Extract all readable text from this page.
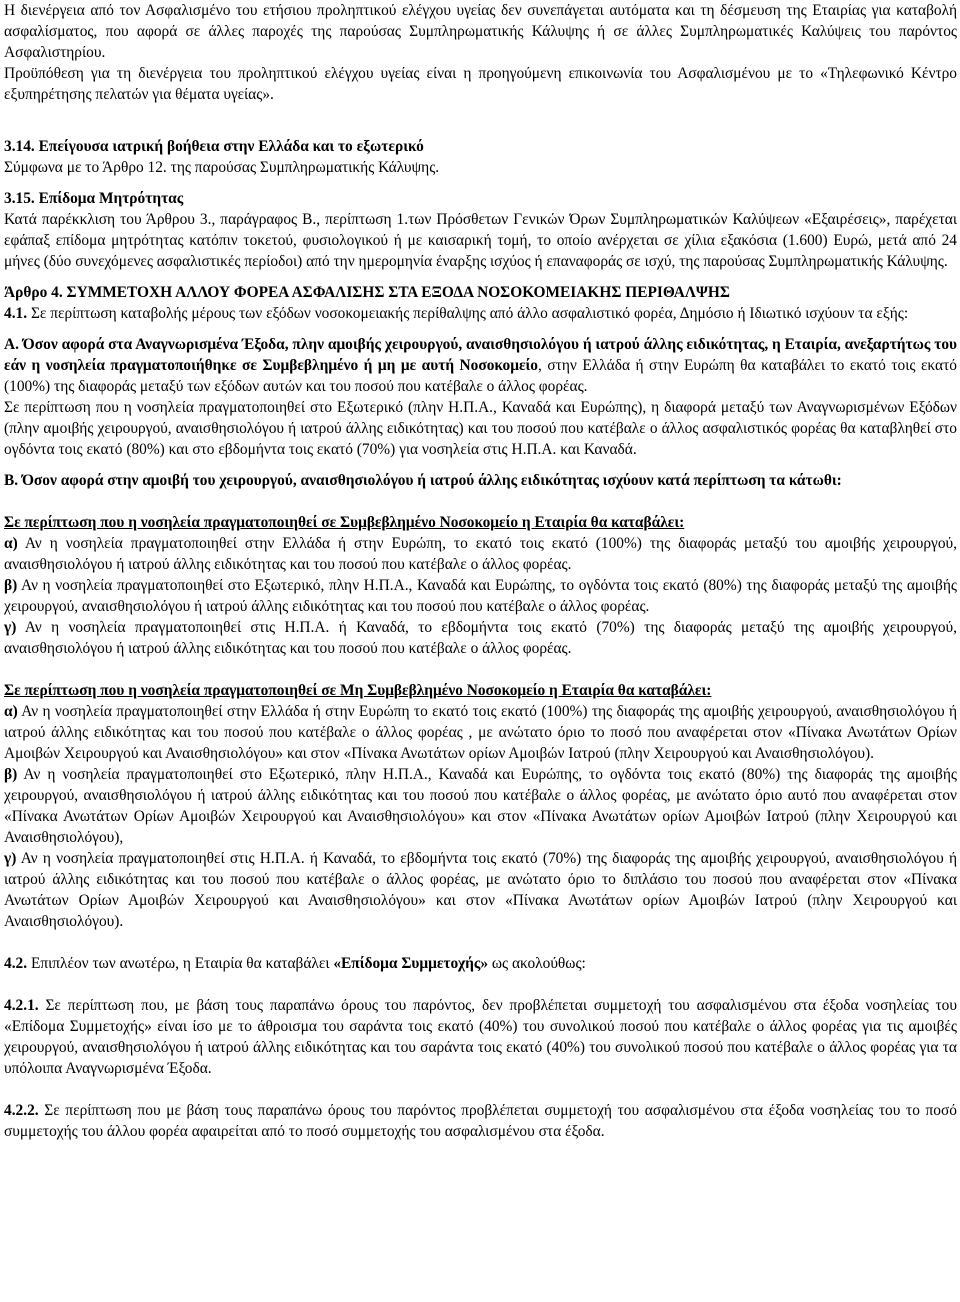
Η διενέργεια από τον Ασφαλισμένο του ετήσιου προληπτικού ελέγχου υγείας δεν συνεπάγεται αυτόματα και τη δέσμευση της Εταιρίας για καταβολή ασφαλίσματος, που αφορά σε άλλες παροχές της παρούσας Συμπληρωματικής Κάλυψης ή σε άλλες Συμπληρωματικές Καλύψεις του παρόντος Ασφαλιστηρίου.

Προϋπόθεση για τη διενέργεια του προληπτικού ελέγχου υγείας είναι η προηγούμενη επικοινωνία του Ασφαλισμένου με το «Τηλεφωνικό Κέντρο εξυπηρέτησης πελατών για θέματα υγείας».

3.14. Επείγουσα ιατρική βοήθεια στην Ελλάδα και το εξωτερικό

Σύμφωνα με το Άρθρο 12. της παρούσας Συμπληρωματικής Κάλυψης.

3.15. Επίδομα Μητρότητας

Κατά παρέκκλιση του Άρθρου 3., παράγραφος Β., περίπτωση 1.των Πρόσθετων Γενικών Όρων Συμπληρωματικών Καλύψεων «Εξαιρέσεις», παρέχεται εφάπαξ επίδομα μητρότητας κατόπιν τοκετού, φυσιολογικού ή με καισαρική τομή, το οποίο ανέρχεται σε χίλια εξακόσια (1.600) Ευρώ, μετά από 24 μήνες (δύο συνεχόμενες ασφαλιστικές περίοδοι) από την ημερομηνία έναρξης ισχύος ή επαναφοράς σε ισχύ, της παρούσας Συμπληρωματικής Κάλυψης.

Άρθρο 4. ΣΥΜΜΕΤΟΧΗ ΑΛΛΟΥ ΦΟΡΕΑ ΑΣΦΑΛΙΣΗΣ ΣΤΑ ΕΞΟΔΑ ΝΟΣΟΚΟΜΕΙΑΚΗΣ ΠΕΡΙΘΑΛΨΗΣ

4.1. Σε περίπτωση καταβολής μέρους των εξόδων νοσοκομειακής περίθαλψης από άλλο ασφαλιστικό φορέα, Δημόσιο ή Ιδιωτικό ισχύουν τα εξής:

Α. Όσον αφορά στα Αναγνωρισμένα Έξοδα, πλην αμοιβής χειρουργού, αναισθησιολόγου ή ιατρού άλλης ειδικότητας, η Εταιρία, ανεξαρτήτως του εάν η νοσηλεία πραγματοποιήθηκε σε Συμβεβλημένο ή μη με αυτή Νοσοκομείο, στην Ελλάδα ή στην Ευρώπη θα καταβάλει το εκατό τοις εκατό (100%) της διαφοράς μεταξύ των εξόδων αυτών και του ποσού που κατέβαλε ο άλλος φορέας.

Σε περίπτωση που η νοσηλεία πραγματοποιηθεί στο Εξωτερικό (πλην Η.Π.Α., Καναδά και Ευρώπης), η διαφορά μεταξύ των Αναγνωρισμένων Εξόδων (πλην αμοιβής χειρουργού, αναισθησιολόγου ή ιατρού άλλης ειδικότητας) και του ποσού που κατέβαλε ο άλλος ασφαλιστικός φορέας θα καταβληθεί στο ογδόντα τοις εκατό (80%) και στο εβδομήντα τοις εκατό (70%) για νοσηλεία στις Η.Π.Α. και Καναδά.

Β. Όσον αφορά στην αμοιβή του χειρουργού, αναισθησιολόγου ή ιατρού άλλης ειδικότητας ισχύουν κατά περίπτωση τα κάτωθι:

Σε περίπτωση που η νοσηλεία πραγματοποιηθεί σε Συμβεβλημένο Νοσοκομείο η Εταιρία θα καταβάλει:

α) Αν η νοσηλεία πραγματοποιηθεί στην Ελλάδα ή στην Ευρώπη, το εκατό τοις εκατό (100%) της διαφοράς μεταξύ του αμοιβής χειρουργού, αναισθησιολόγου ή ιατρού άλλης ειδικότητας και του ποσού που κατέβαλε ο άλλος φορέας.

β) Αν η νοσηλεία πραγματοποιηθεί στο Εξωτερικό, πλην Η.Π.Α., Καναδά και Ευρώπης, το ογδόντα τοις εκατό (80%) της διαφοράς μεταξύ της αμοιβής χειρουργού, αναισθησιολόγου ή ιατρού άλλης ειδικότητας και του ποσού που κατέβαλε ο άλλος φορέας.

γ) Αν η νοσηλεία πραγματοποιηθεί στις Η.Π.Α. ή Καναδά, το εβδομήντα τοις εκατό (70%) της διαφοράς μεταξύ της αμοιβής χειρουργού, αναισθησιολόγου ή ιατρού άλλης ειδικότητας και του ποσού που κατέβαλε ο άλλος φορέας.

Σε περίπτωση που η νοσηλεία πραγματοποιηθεί σε Μη Συμβεβλημένο Νοσοκομείο η Εταιρία θα καταβάλει:

α) Αν η νοσηλεία πραγματοποιηθεί στην Ελλάδα ή στην Ευρώπη το εκατό τοις εκατό (100%) της διαφοράς της αμοιβής χειρουργού, αναισθησιολόγου ή ιατρού άλλης ειδικότητας και του ποσού που κατέβαλε ο άλλος φορέας , με ανώτατο όριο το ποσό που αναφέρεται στον «Πίνακα Ανωτάτων Ορίων Αμοιβών Χειρουργού και Αναισθησιολόγου» και στον «Πίνακα Ανωτάτων ορίων Αμοιβών Ιατρού (πλην Χειρουργού και Αναισθησιολόγου).

β) Αν η νοσηλεία πραγματοποιηθεί στο Εξωτερικό, πλην Η.Π.Α., Καναδά και Ευρώπης, το ογδόντα τοις εκατό (80%) της διαφοράς της αμοιβής χειρουργού, αναισθησιολόγου ή ιατρού άλλης ειδικότητας και του ποσού που κατέβαλε ο άλλος φορέας, με ανώτατο όριο αυτό που αναφέρεται στον «Πίνακα Ανωτάτων Ορίων Αμοιβών Χειρουργού και Αναισθησιολόγου» και στον «Πίνακα Ανωτάτων ορίων Αμοιβών Ιατρού (πλην Χειρουργού και Αναισθησιολόγου),

γ) Αν η νοσηλεία πραγματοποιηθεί στις Η.Π.Α. ή Καναδά, το εβδομήντα τοις εκατό (70%) της διαφοράς της αμοιβής χειρουργού, αναισθησιολόγου ή ιατρού άλλης ειδικότητας και του ποσού που κατέβαλε ο άλλος φορέας, με ανώτατο όριο το διπλάσιο του ποσού που αναφέρεται στον «Πίνακα Ανωτάτων Ορίων Αμοιβών Χειρουργού και Αναισθησιολόγου» και στον «Πίνακα Ανωτάτων ορίων Αμοιβών Ιατρού (πλην Χειρουργού και Αναισθησιολόγου).

4.2. Επιπλέον των ανωτέρω, η Εταιρία θα καταβάλει «Επίδομα Συμμετοχής» ως ακολούθως:

4.2.1. Σε περίπτωση που, με βάση τους παραπάνω όρους του παρόντος, δεν προβλέπεται συμμετοχή του ασφαλισμένου στα έξοδα νοσηλείας του «Επίδομα Συμμετοχής» είναι ίσο με το άθροισμα του σαράντα τοις εκατό (40%) του συνολικού ποσού που κατέβαλε ο άλλος φορέας για τις αμοιβές χειρουργού, αναισθησιολόγου ή ιατρού άλλης ειδικότητας και του σαράντα τοις εκατό (40%) του συνολικού ποσού που κατέβαλε ο άλλος φορέας για τα υπόλοιπα Αναγνωρισμένα Έξοδα.

4.2.2. Σε περίπτωση που με βάση τους παραπάνω όρους του παρόντος προβλέπεται συμμετοχή του ασφαλισμένου στα έξοδα νοσηλείας του το ποσό συμμετοχής του άλλου φορέα αφαιρείται από το ποσό συμμετοχής του ασφαλισμένου στα έξοδα.
